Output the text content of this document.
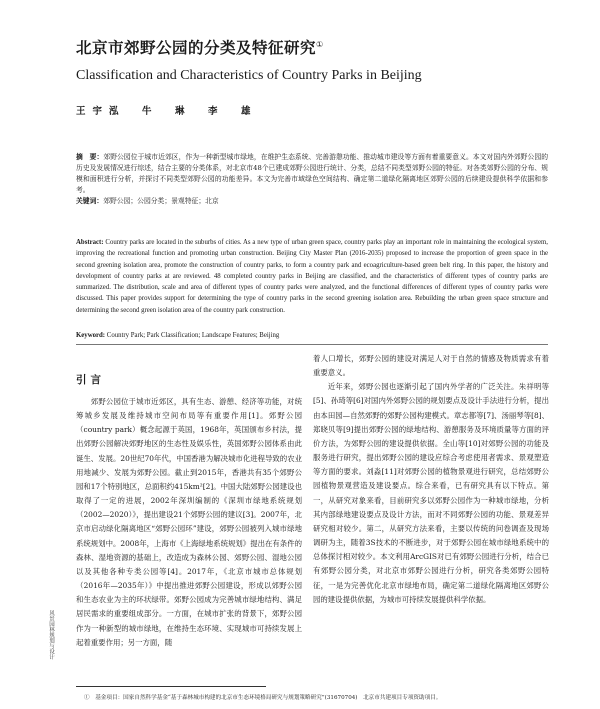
北京市郊野公园的分类及特征研究①
Classification and Characteristics of Country Parks in Beijing
王宇泓　牛　琳　李　雄
摘　要：郊野公园位于城市近郊区，作为一种新型城市绿地，在维护生态系统、完善游憩功能、推动城市建设等方面有着重要意义。本文对国内外郊野公园的历史及发展情况进行综述，结合主要的分类体系，对北京市48个已建成郊野公园进行统计、分类，总结不同类型郊野公园的特征。对各类郊野公园的分布、规模和面积进行分析，并探讨不同类型郊野公园的功能差异。本文为完善市域绿色空间结构、确定第二道绿化隔离地区郊野公园的后续建设提供科学依据和参考。
关键词：郊野公园；公园分类；景观特征；北京
Abstract: Country parks are located in the suburbs of cities. As a new type of urban green space, country parks play an important role in maintaining the ecological system, improving the recreational function and promoting urban construction. Beijing City Master Plan (2016-2035) proposed to increase the proportion of green space in the second greening isolation area, promote the construction of country parks, to form a country park and ecoagriculture-based green belt ring. In this paper, the history and development of country parks at are reviewed. 48 completed country parks in Beijing are classified, and the characteristics of different types of country parks are summarized. The distribution, scale and area of different types of country parks were analyzed, and the functional differences of different types of country parks were discussed. This paper provides support for determining the type of country parks in the second greening isolation area. Rebuilding the urban green space structure and determining the second green isolation area of the country park construction.
Keyword: Country Park; Park Classification; Landscape Features; Beijing
引言
郊野公园位于城市近郊区，具有生态、游憩、经济等功能，对统筹城乡发展及维持城市空间布局等有重要作用[1]。郊野公园（country park）概念起源于英国，1968年，英国颁布乡村法，提出郊野公园解决郊野地区的生态性及娱乐性，英国郊野公园体系由此诞生、发展。20世纪70年代，中国香港为解决城市化进程导致的农业用地减少、发展为郊野公园。截止到2015年，香港共有35个郊野公园和17个特别地区，总面积约415km²[2]。中国大陆郊野公园建设也取得了一定的进展，2002年深圳编制的《深圳市绿地系统规划（2002—2020）》，提出建设21个郊野公园的建议[3]。2007年，北京市启动绿化隔离地区“郊野公园环”建设，郊野公园被列入城市绿地系统规划中。2008年，上海市《上海绿地系统规划》提出在有条件的森林、湿地资源的基础上，改造成为森林公园、郊野公园、湿地公园以及其他各种专类公园等[4]。2017年，《北京市城市总体规划（2016年—2035年）》中提出推进郊野公园建设，形成以郊野公园和生态农业为主的环状绿带。郊野公园成为完善城市绿地结构、满足居民需求的重要组成部分。一方面，在城市扩张的背景下，郊野公园作为一种新型的城市绿地，在维持生态环境、实现城市可持续发展上起着重要作用；另一方面，随

着人口增长，郊野公园的建设对满足人对于自然的情感及物质需求有着重要意义。

近年来，郊野公园也逐渐引起了国内外学者的广泛关注。朱祥明等[5]、孙琦等[6]对国内外郊野公园的规划要点及设计手法进行分析，提出由本田园—自然郊野的郊野公园构建模式。章志都等[7]、汤丽琴等[8]、郑晓贝等[9]提出郊野公园的绿地结构、游憩服务及环境质量等方面的评价方法，为郊野公园的建设提供依据。全山等[10]对郊野公园的功能及服务进行研究，提出郊野公园的建设应综合考虑使用者需求、景观塑造等方面的要求。刘淼[11]对郊野公园的植物景观进行研究，总结郊野公园植物景观营造及建设要点。综合来看，已有研究具有以下特点。第一，从研究对象来看，目前研究多以郊野公园作为一种城市绿地，分析其内部绿地建设要点及设计方法，而对不同郊野公园的功能、景观差异研究相对较少。第二，从研究方法来看，主要以传统的问卷调查及现场调研为主，随着3S技术的不断进步，对于郊野公园在城市绿地系统中的总体探讨相对较少。本文利用ArcGIS对已有郊野公园进行分析，结合已有郊野公园分类，对北京市郊野公园进行分析，研究各类郊野公园特征，一是为完善优化北京市绿地布局，确定第二道绿化隔离地区郊野公园的建设提供依据，为城市可持续发展提供科学依据。

风景园林规划与设计
①　基金项目：国家自然科学基金“基于森林城市构建的北京市生态环境格局研究与规划策略研究”(31670704)　北京市共建项目专项资助项目。
